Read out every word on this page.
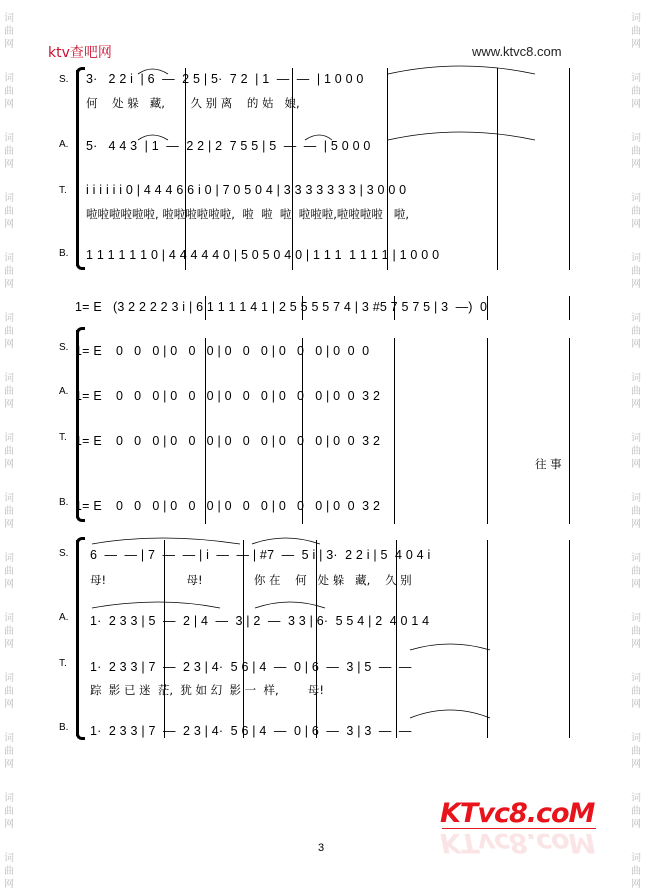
词
曲
网
词
曲
网
词
曲
网
词
曲
网
词
曲
网
词
曲
网
词
曲
网
词
曲
网
词
曲
网
词
曲
网
词
曲
网
词
曲
网
词
曲
网
词
曲
网
词
曲
网
词
曲
网
词
曲
网
词
曲
网
词
曲
网
词
曲
网
词
曲
网
词
曲
网
词
曲
网
词
曲
网
词
曲
网
词
曲
网
词
曲
网
词
曲
网
词
曲
网
词
曲
网
ktv查吧网	www.ktvc8.com
S. 3·   2 2 i  | 6  —  2 5 | 5·  7 2  | 1  —  —  | 1 0 0 0
何    处 躲   藏,       久 别 离    的 姑   娘,
A. 5·   4 4 3  | 1  —  2 2 | 2  7 5 5 | 5  —  —  | 5 0 0 0
T. i i i i i i 0 | 4 4 4 6 6 i 0 | 7 0 5 0 4 | 3 3 3 3 3 3 3 | 3 0 0 0
啦啦啦啦啦啦, 啦啦啦啦啦啦,  啦  啦  啦  啦啦啦,啦啦啦啦   啦,
B. 1 1 1 1 1 1 0 | 4 4 4 4 4 0 | 5 0 5 0 4 0 | 1 1 1  1 1 1 1 | 1 0 0 0
1= E (3 2 2 2 2 3 i | 6 1 1 1 1 4 1 | 2 5 5 5 5 7 4 | 3 #5 7 5 7 5 | 3  —)  0
S. 1= E 0   0   0 | 0   0   0 | 0   0   0 | 0   0   0 | 0  0  0
A. 1= E 0   0   0 | 0   0   0 | 0   0   0 | 0   0   0 | 0  0  3 2
T. 1= E 0   0   0 | 0   0   0 | 0   0   0 | 0   0   0 | 0  0  3 2
往 事
B. 1= E 0   0   0 | 0   0   0 | 0   0   0 | 0   0   0 | 0  0  3 2
S. 6  —  — | 7  —  — | i  —  — | #7  —  5 i | 3·  2 2 i | 5  4 0 4 i
母!                      母!              你 在    何   处 躲   藏,    久 别
A. 1·  2 3 3 | 5  —  2 | 4  —  3 | 2  —  3 3 | 6·  5 5 4 | 2  4 0 1 4
T. 1·  2 3 3 | 7  —  2 3 | 4·  5 6 | 4  —  0 | 6  —  3 | 5  —  —
踪  影 已 迷  茫,  犹 如 幻  影 一  样,        母!
B. 1·  2 3 3 | 7  —  2 3 | 4·  5 6 | 4  —  0 | 6  —  3 | 3  —  —
3
KTvc8.coM
KTvc8.coM
